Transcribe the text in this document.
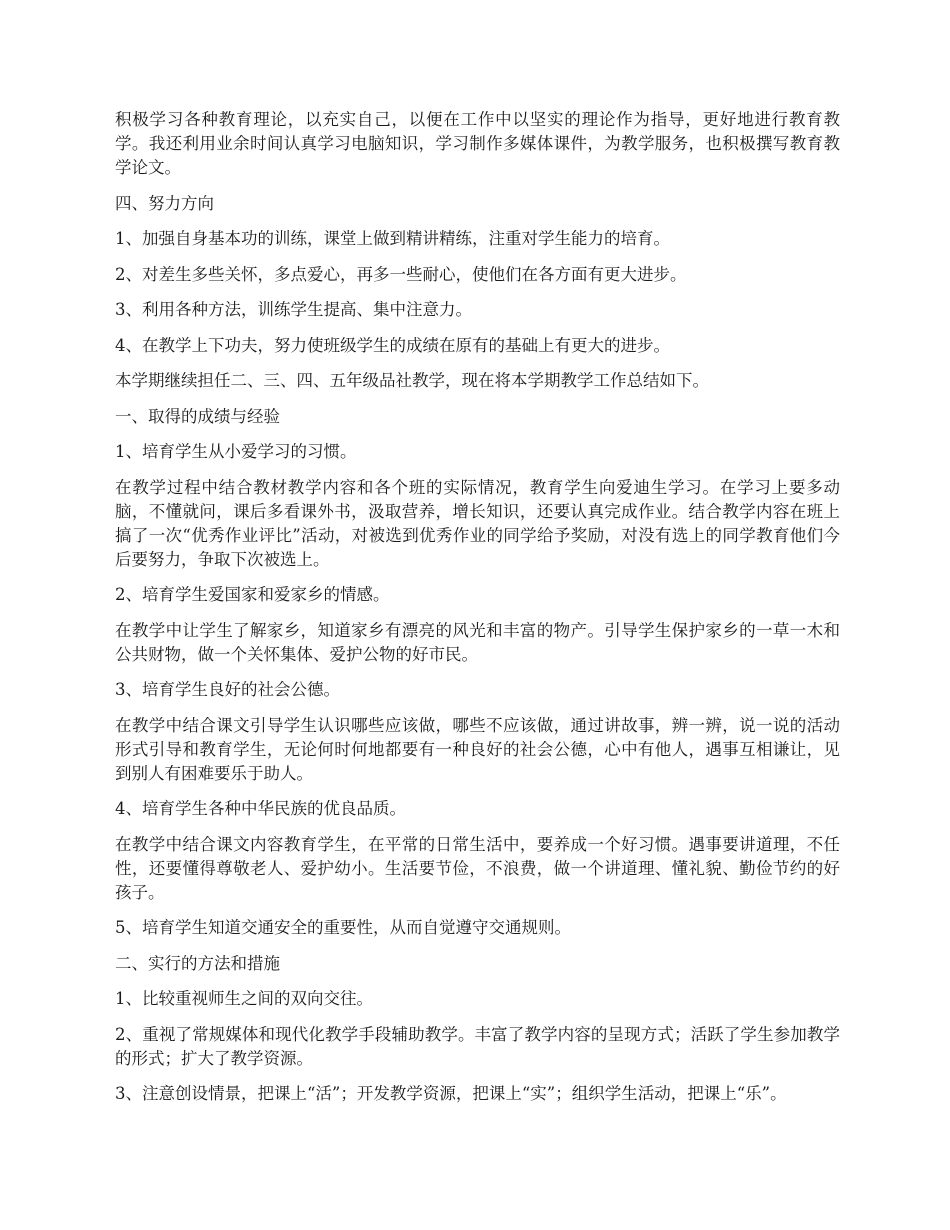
积极学习各种教育理论，以充实自己，以便在工作中以坚实的理论作为指导，更好地进行教育教学。我还利用业余时间认真学习电脑知识，学习制作多媒体课件，为教学服务，也积极撰写教育教学论文。

四、努力方向

1、加强自身基本功的训练，课堂上做到精讲精练，注重对学生能力的培育。

2、对差生多些关怀，多点爱心，再多一些耐心，使他们在各方面有更大进步。

3、利用各种方法，训练学生提高、集中注意力。

4、在教学上下功夫，努力使班级学生的成绩在原有的基础上有更大的进步。

本学期继续担任二、三、四、五年级品社教学，现在将本学期教学工作总结如下。

一、取得的成绩与经验

1、培育学生从小爱学习的习惯。

在教学过程中结合教材教学内容和各个班的实际情况，教育学生向爱迪生学习。在学习上要多动脑，不懂就问，课后多看课外书，汲取营养，增长知识，还要认真完成作业。结合教学内容在班上搞了一次“优秀作业评比”活动，对被选到优秀作业的同学给予奖励，对没有选上的同学教育他们今后要努力，争取下次被选上。

2、培育学生爱国家和爱家乡的情感。

在教学中让学生了解家乡，知道家乡有漂亮的风光和丰富的物产。引导学生保护家乡的一草一木和公共财物，做一个关怀集体、爱护公物的好市民。

3、培育学生良好的社会公德。

在教学中结合课文引导学生认识哪些应该做，哪些不应该做，通过讲故事，辨一辨，说一说的活动形式引导和教育学生，无论何时何地都要有一种良好的社会公德，心中有他人，遇事互相谦让，见到别人有困难要乐于助人。

4、培育学生各种中华民族的优良品质。

在教学中结合课文内容教育学生，在平常的日常生活中，要养成一个好习惯。遇事要讲道理，不任性，还要懂得尊敬老人、爱护幼小。生活要节俭，不浪费，做一个讲道理、懂礼貌、勤俭节约的好孩子。

5、培育学生知道交通安全的重要性，从而自觉遵守交通规则。

二、实行的方法和措施

1、比较重视师生之间的双向交往。

2、重视了常规媒体和现代化教学手段辅助教学。丰富了教学内容的呈现方式；活跃了学生参加教学的形式；扩大了教学资源。

3、注意创设情景，把课上“活”；开发教学资源，把课上“实”；组织学生活动，把课上“乐”。
